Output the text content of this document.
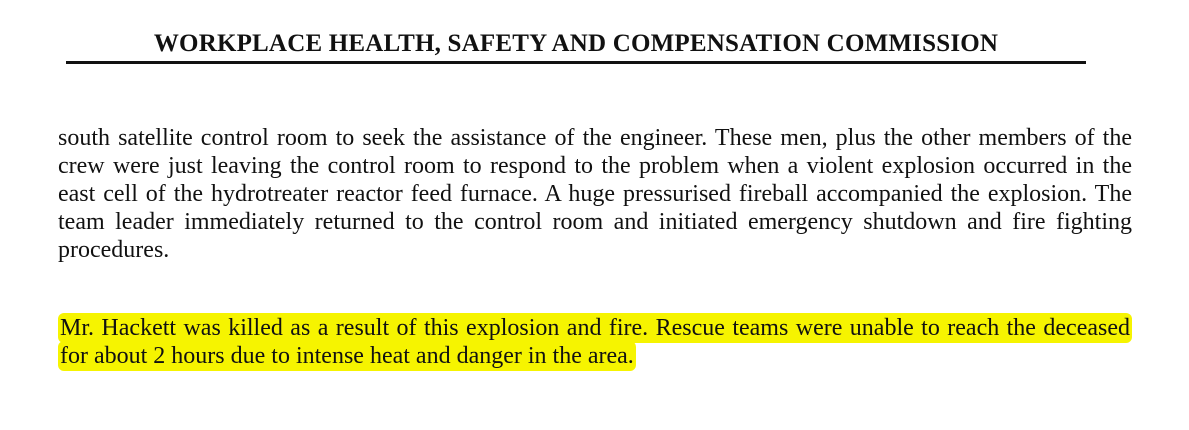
WORKPLACE HEALTH, SAFETY AND COMPENSATION COMMISSION

south satellite control room to seek the assistance of the engineer. These men, plus the other members of the crew were just leaving the control room to respond to the problem when a violent explosion occurred in the east cell of the hydrotreater reactor feed furnace. A huge pressurised fireball accompanied the explosion. The team leader immediately returned to the control room and initiated emergency shutdown and fire fighting procedures.

Mr. Hackett was killed as a result of this explosion and fire. Rescue teams were unable to reach the deceased for about 2 hours due to intense heat and danger in the area.
